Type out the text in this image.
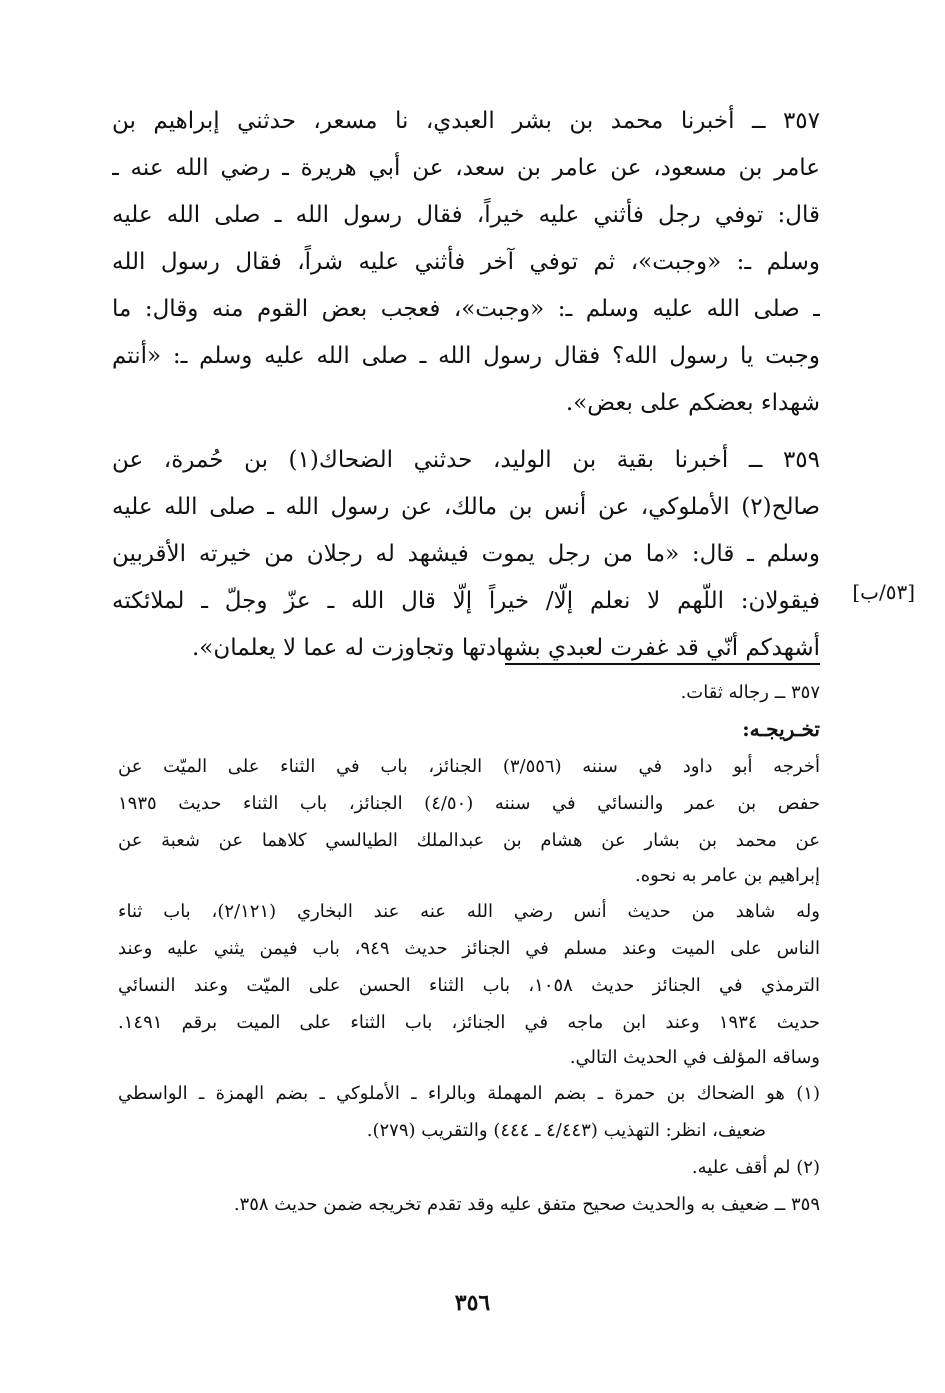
٣٥٧ ــ أخبرنا محمد بن بشر العبدي، نا مسعر، حدثني إبراهيم بن
عامر بن مسعود، عن عامر بن سعد، عن أبي هريرة ـ رضي الله عنه ـ
قال: توفي رجل فأثني عليه خيراً، فقال رسول الله ـ صلى الله عليه
وسلم ـ: «وجبت»، ثم توفي آخر فأثني عليه شراً، فقال رسول الله
ـ صلى الله عليه وسلم ـ: «وجبت»، فعجب بعض القوم منه وقال: ما
وجبت يا رسول الله؟ فقال رسول الله ـ صلى الله عليه وسلم ـ: «أنتم
شهداء بعضكم على بعض».
٣٥٩ ــ أخبرنا بقية بن الوليد، حدثني الضحاك(١) بن حُمرة، عن
صالح(٢) الأملوكي، عن أنس بن مالك، عن رسول الله ـ صلى الله عليه
وسلم ـ قال: «ما من رجل يموت فيشهد له رجلان من خيرته الأقربين
فيقولان: اللّهم لا نعلم إلّا/ خيراً إلّا قال الله ـ عزّ وجلّ ـ لملائكته
أشهدكم أنّي قد غفرت لعبدي بشهادتها وتجاوزت له عما لا يعلمان».
[٥٣/ب]
٣٥٧ ــ رجاله ثقات.
تخـريجـه:
أخرجه أبو داود في سننه (٣/٥٥٦) الجنائز، باب في الثناء على الميّت عن
حفص بن عمر والنسائي في سننه (٤/٥٠) الجنائز، باب الثناء حديث ١٩٣٥
عن محمد بن بشار عن هشام بن عبدالملك الطيالسي كلاهما عن شعبة عن
إبراهيم بن عامر به نحوه.
وله شاهد من حديث أنس رضي الله عنه عند البخاري (٢/١٢١)، باب ثناء
الناس على الميت وعند مسلم في الجنائز حديث ٩٤٩، باب فيمن يثني عليه وعند
الترمذي في الجنائز حديث ١٠٥٨، باب الثناء الحسن على الميّت وعند النسائي
حديث ١٩٣٤ وعند ابن ماجه في الجنائز، باب الثناء على الميت برقم ١٤٩١.
وساقه المؤلف في الحديث التالي.
(١) هو الضحاك بن حمرة ـ بضم المهملة وبالراء ـ الأملوكي ـ بضم الهمزة ـ الواسطي
ضعيف، انظر: التهذيب (٤/٤٤٣ ـ ٤٤٤) والتقريب (٢٧٩).
(٢) لم أقف عليه.
٣٥٩ ــ ضعيف به والحديث صحيح متفق عليه وقد تقدم تخريجه ضمن حديث ٣٥٨.
٣٥٦
